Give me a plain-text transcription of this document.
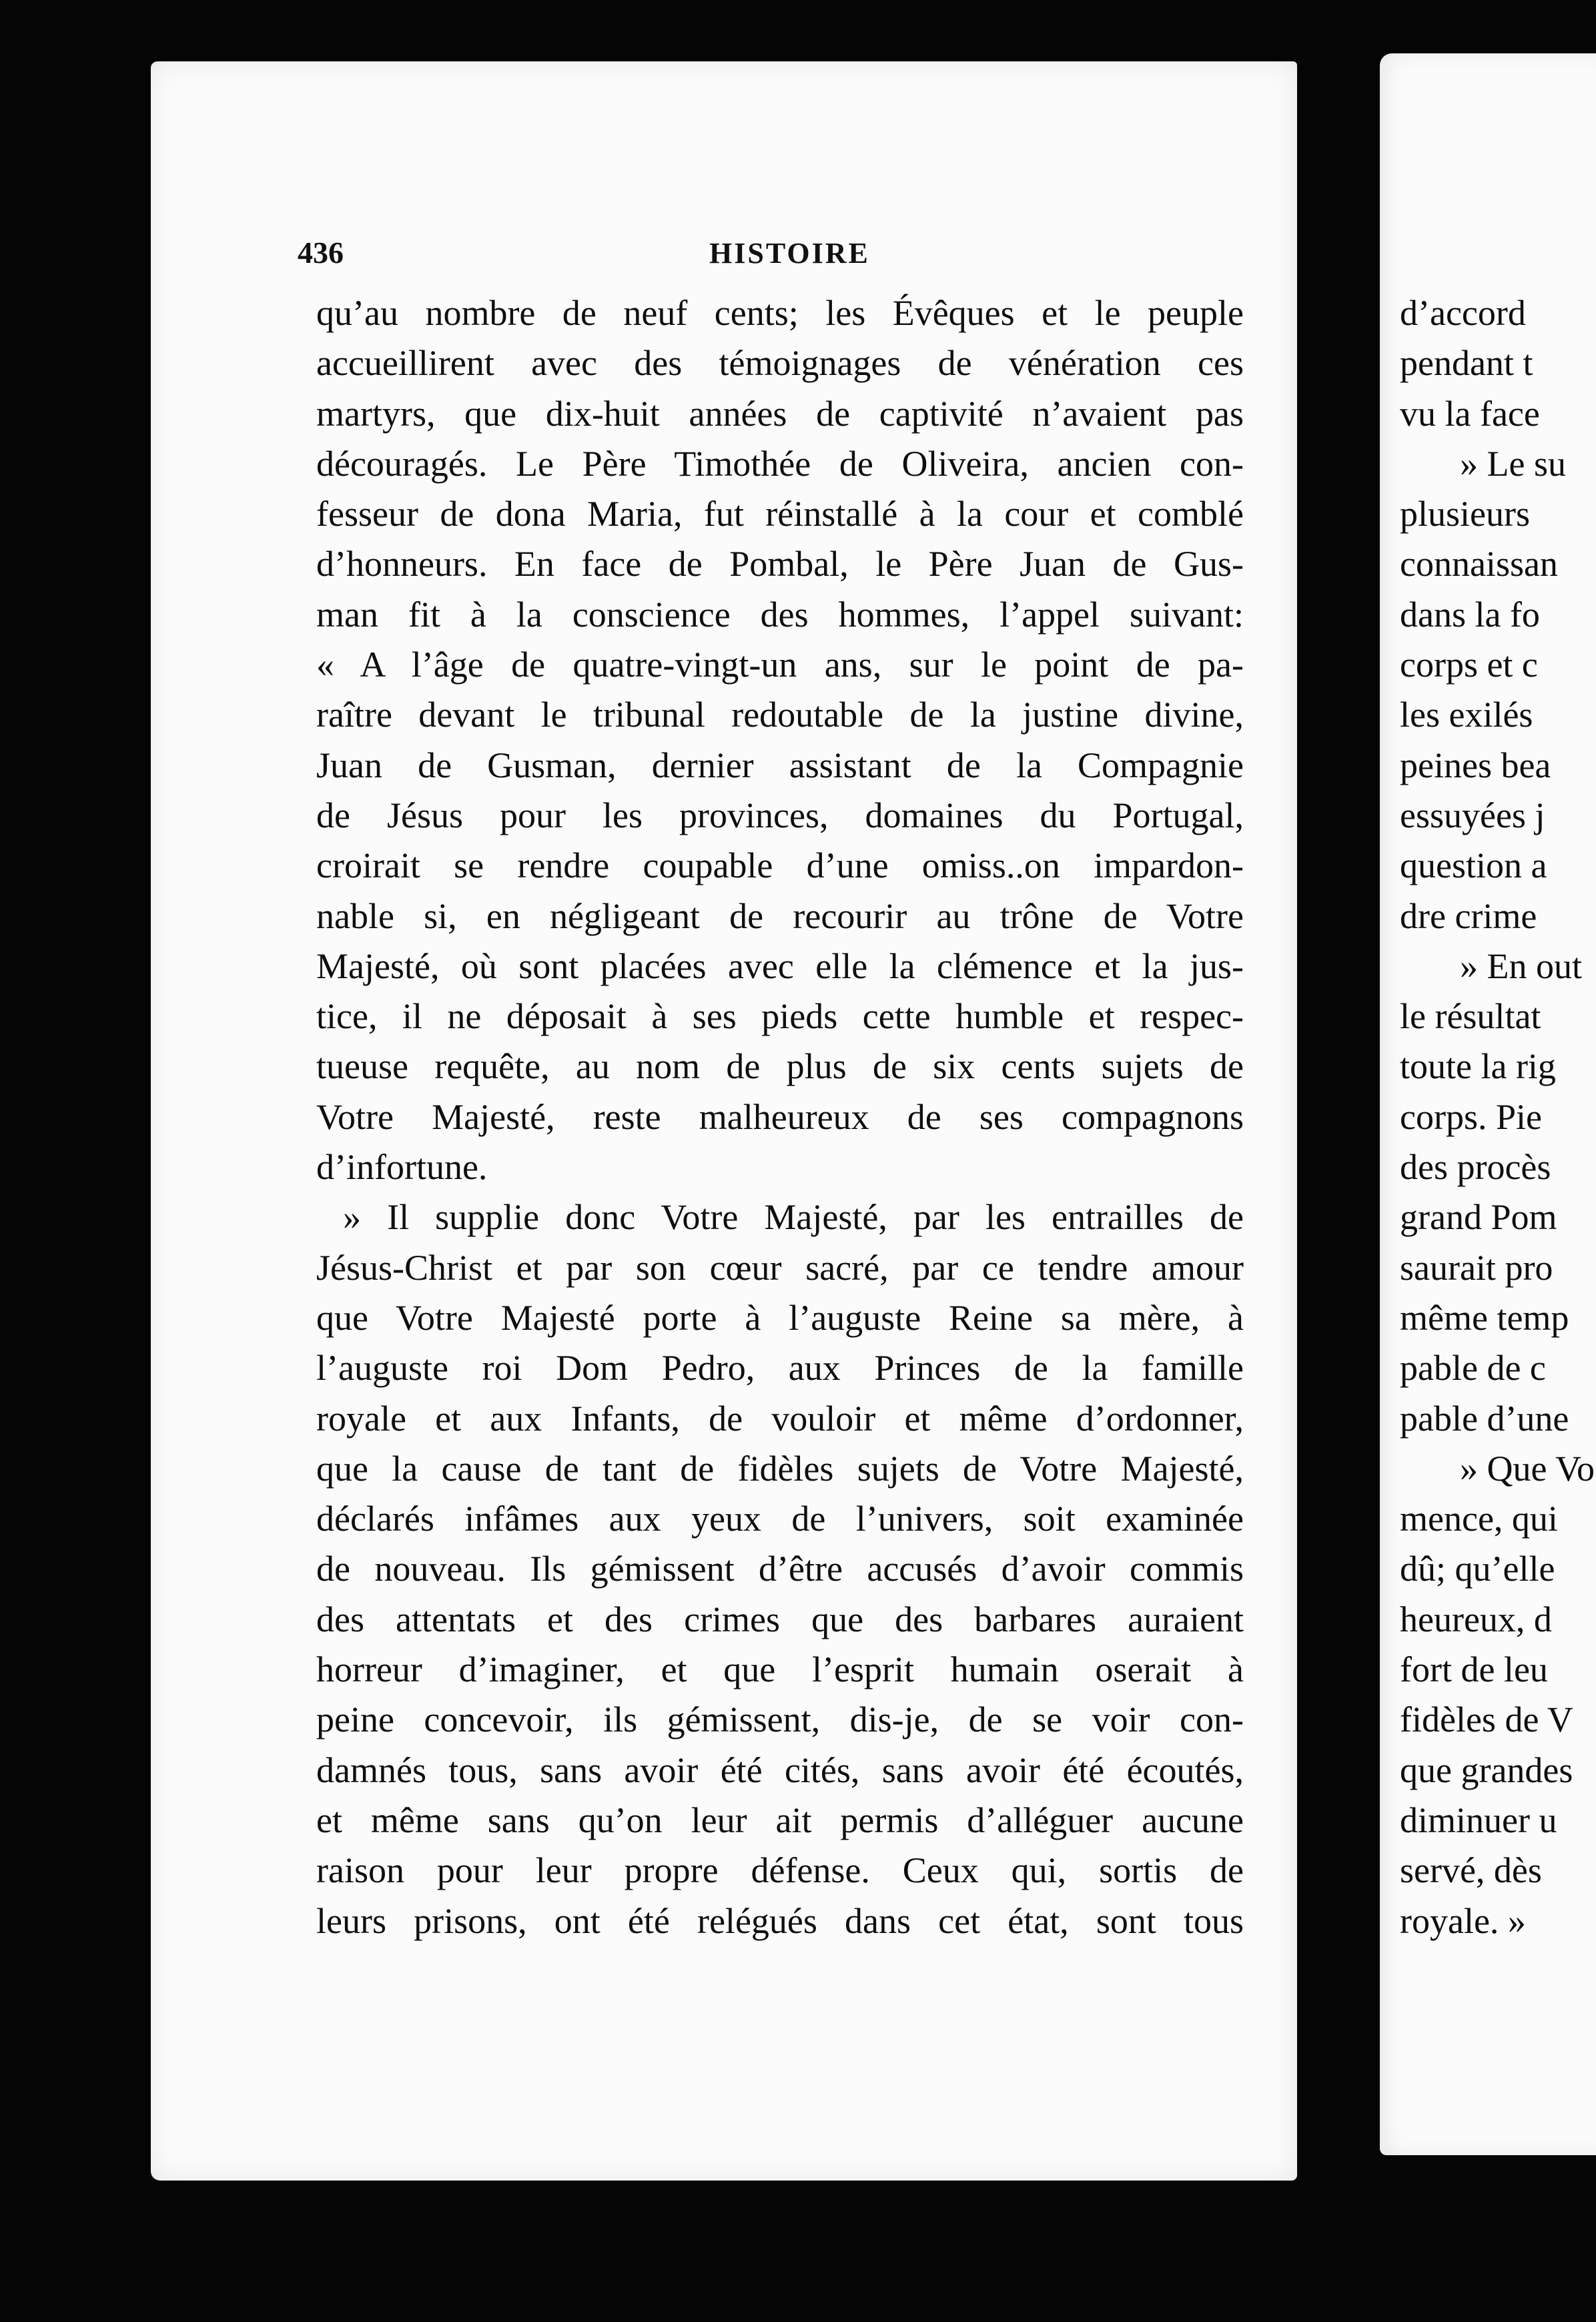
436	HISTOIRE
qu’au nombre de neuf cents; les Évêques et le peuple
accueillirent avec des témoignages de vénération ces
martyrs, que dix-huit années de captivité n’avaient pas
découragés. Le Père Timothée de Oliveira, ancien con-
fesseur de dona Maria, fut réinstallé à la cour et comblé
d’honneurs. En face de Pombal, le Père Juan de Gus-
man fit à la conscience des hommes, l’appel suivant:
« A l’âge de quatre-vingt-un ans, sur le point de pa-
raître devant le tribunal redoutable de la justine divine,
Juan de Gusman, dernier assistant de la Compagnie
de Jésus pour les provinces, domaines du Portugal,
croirait se rendre coupable d’une omiss..on impardon-
nable si, en négligeant de recourir au trône de Votre
Majesté, où sont placées avec elle la clémence et la jus-
tice, il ne déposait à ses pieds cette humble et respec-
tueuse requête, au nom de plus de six cents sujets de
Votre Majesté, reste malheureux de ses compagnons
d’infortune.
» Il supplie donc Votre Majesté, par les entrailles de
Jésus-Christ et par son cœur sacré, par ce tendre amour
que Votre Majesté porte à l’auguste Reine sa mère, à
l’auguste roi Dom Pedro, aux Princes de la famille
royale et aux Infants, de vouloir et même d’ordonner,
que la cause de tant de fidèles sujets de Votre Majesté,
déclarés infâmes aux yeux de l’univers, soit examinée
de nouveau. Ils gémissent d’être accusés d’avoir commis
des attentats et des crimes que des barbares auraient
horreur d’imaginer, et que l’esprit humain oserait à
peine concevoir, ils gémissent, dis-je, de se voir con-
damnés tous, sans avoir été cités, sans avoir été écoutés,
et même sans qu’on leur ait permis d’alléguer aucune
raison pour leur propre défense. Ceux qui, sortis de
leurs prisons, ont été relégués dans cet état, sont tous
d’accord
pendant t
vu la face
» Le su
plusieurs
connaissan
dans la fo
corps et c
les exilés
peines bea
essuyées j
question a
dre crime
» En out
le résultat
toute la rig
corps. Pie
des procès
grand Pom
saurait pro
même temp
pable de c
pable d’une
» Que Vo
mence, qui
dû; qu’elle
heureux, d
fort de leu
fidèles de V
que grandes
diminuer u
servé, dès
royale. »
